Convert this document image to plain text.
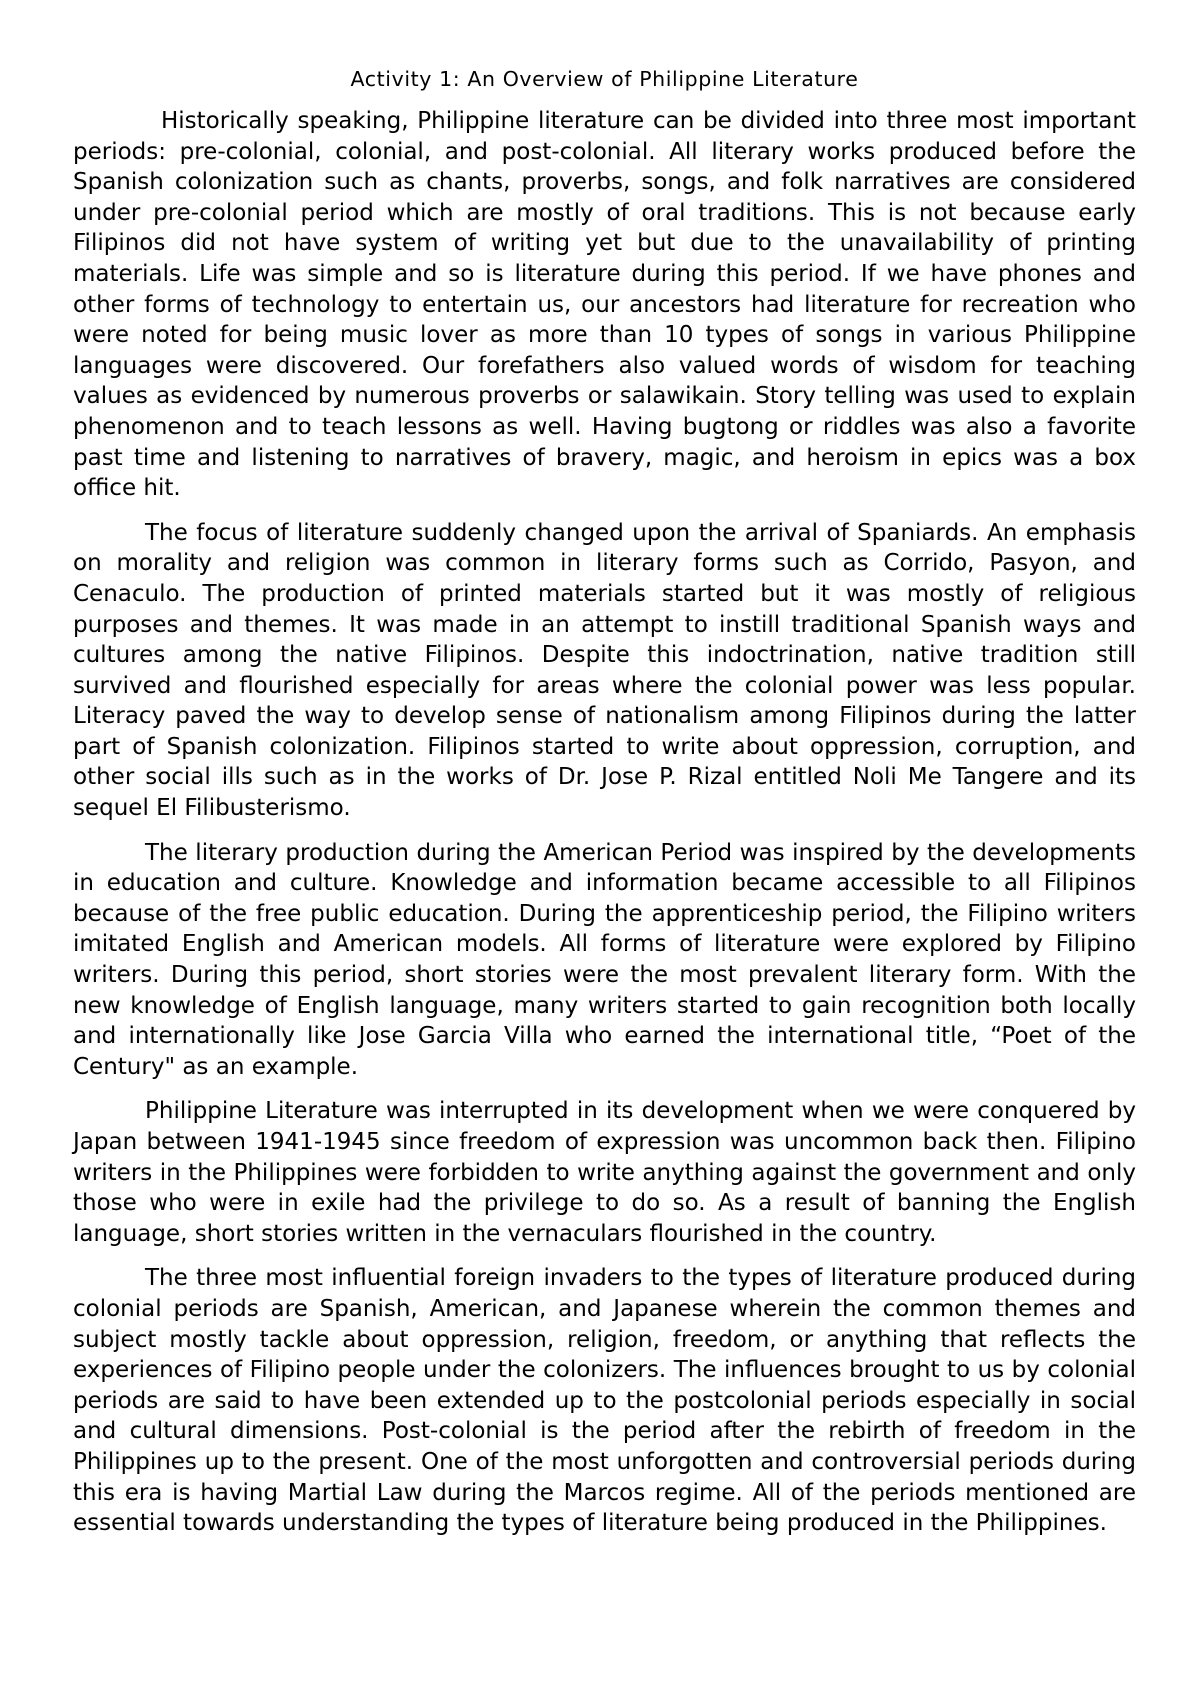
Activity 1: An Overview of Philippine Literature

Historically speaking, Philippine literature can be divided into three most important periods: pre-colonial, colonial, and post-colonial. All literary works produced before the Spanish colonization such as chants, proverbs, songs, and folk narratives are considered under pre-colonial period which are mostly of oral traditions. This is not because early Filipinos did not have system of writing yet but due to the unavailability of printing materials. Life was simple and so is literature during this period. If we have phones and other forms of technology to entertain us, our ancestors had literature for recreation who were noted for being music lover as more than 10 types of songs in various Philippine languages were discovered. Our forefathers also valued words of wisdom for teaching values as evidenced by numerous proverbs or salawikain. Story telling was used to explain phenomenon and to teach lessons as well. Having bugtong or riddles was also a favorite past time and listening to narratives of bravery, magic, and heroism in epics was a box office hit.

The focus of literature suddenly changed upon the arrival of Spaniards. An emphasis on morality and religion was common in literary forms such as Corrido, Pasyon, and Cenaculo. The production of printed materials started but it was mostly of religious purposes and themes. It was made in an attempt to instill traditional Spanish ways and cultures among the native Filipinos. Despite this indoctrination, native tradition still survived and flourished especially for areas where the colonial power was less popular. Literacy paved the way to develop sense of nationalism among Filipinos during the latter part of Spanish colonization. Filipinos started to write about oppression, corruption, and other social ills such as in the works of Dr. Jose P. Rizal entitled Noli Me Tangere and its sequel El Filibusterismo.

The literary production during the American Period was inspired by the developments in education and culture. Knowledge and information became accessible to all Filipinos because of the free public education. During the apprenticeship period, the Filipino writers imitated English and American models. All forms of literature were explored by Filipino writers. During this period, short stories were the most prevalent literary form. With the new knowledge of English language, many writers started to gain recognition both locally and internationally like Jose Garcia Villa who earned the international title, “Poet of the Century" as an example.

Philippine Literature was interrupted in its development when we were conquered by Japan between 1941-1945 since freedom of expression was uncommon back then. Filipino writers in the Philippines were forbidden to write anything against the government and only those who were in exile had the privilege to do so. As a result of banning the English language, short stories written in the vernaculars flourished in the country.

The three most influential foreign invaders to the types of literature produced during colonial periods are Spanish, American, and Japanese wherein the common themes and subject mostly tackle about oppression, religion, freedom, or anything that reflects the experiences of Filipino people under the colonizers. The influences brought to us by colonial periods are said to have been extended up to the postcolonial periods especially in social and cultural dimensions. Post-colonial is the period after the rebirth of freedom in the Philippines up to the present. One of the most unforgotten and controversial periods during this era is having Martial Law during the Marcos regime. All of the periods mentioned are essential towards understanding the types of literature being produced in the Philippines.
